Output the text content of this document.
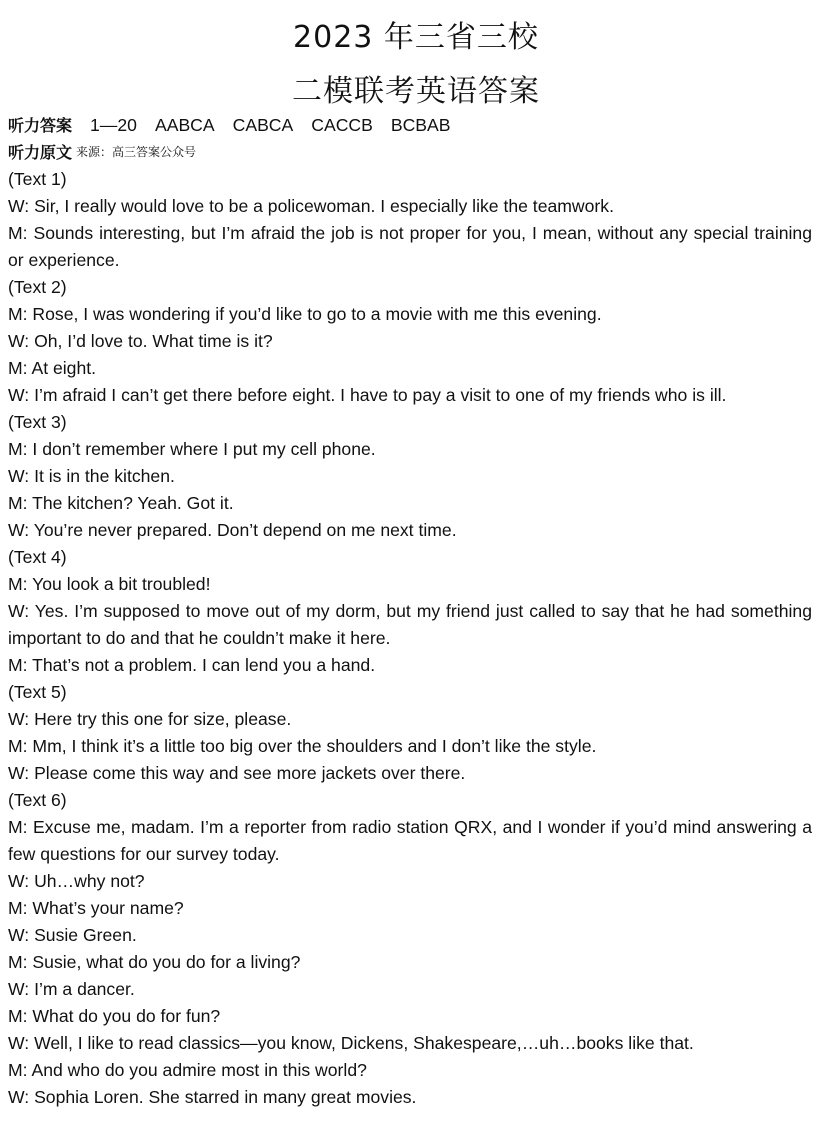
2023 年三省三校
二模联考英语答案
听力答案 1—20 AABCA CABCA CACCB BCBAB
听力原文 来源：高三答案公众号
(Text 1)
W: Sir, I really would love to be a policewoman. I especially like the teamwork.
M: Sounds interesting, but I’m afraid the job is not proper for you, I mean, without any special training or experience.
(Text 2)
M: Rose, I was wondering if you’d like to go to a movie with me this evening.
W: Oh, I’d love to. What time is it?
M: At eight.
W: I’m afraid I can’t get there before eight. I have to pay a visit to one of my friends who is ill.
(Text 3)
M: I don’t remember where I put my cell phone.
W: It is in the kitchen.
M: The kitchen? Yeah. Got it.
W: You’re never prepared. Don’t depend on me next time.
(Text 4)
M: You look a bit troubled!
W: Yes. I’m supposed to move out of my dorm, but my friend just called to say that he had something important to do and that he couldn’t make it here.
M: That’s not a problem. I can lend you a hand.
(Text 5)
W: Here try this one for size, please.
M: Mm, I think it’s a little too big over the shoulders and I don’t like the style.
W: Please come this way and see more jackets over there.
(Text 6)
M: Excuse me, madam. I’m a reporter from radio station QRX, and I wonder if you’d mind answering a few questions for our survey today.
W: Uh…why not?
M: What’s your name?
W: Susie Green.
M: Susie, what do you do for a living?
W: I’m a dancer.
M: What do you do for fun?
W: Well, I like to read classics—you know, Dickens, Shakespeare,…uh…books like that.
M: And who do you admire most in this world?
W: Sophia Loren. She starred in many great movies.
